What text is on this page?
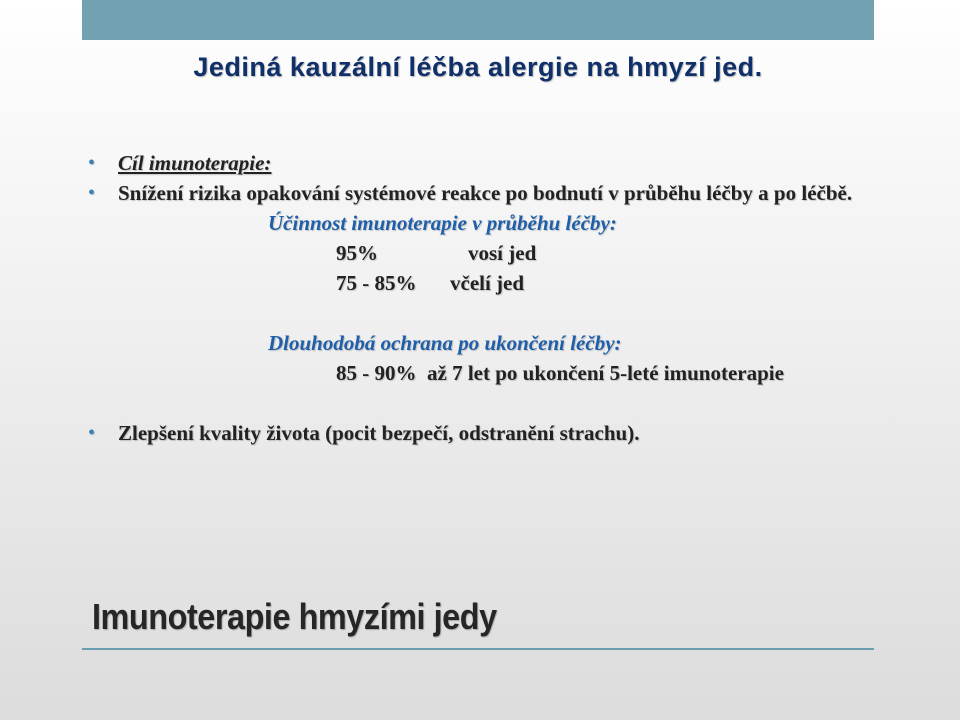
Jediná kauzální léčba alergie na hmyzí jed.
• Cíl imunoterapie:
• Snížení rizika opakování systémové reakce po bodnutí v průběhu léčby a po léčbě.
Účinnost imunoterapie v průběhu léčby:
95%	vosí jed
75 - 85% včelí jed
Dlouhodobá ochrana po ukončení léčby:
85 - 90% až 7 let po ukončení 5-leté imunoterapie
• Zlepšení kvality života (pocit bezpečí, odstranění strachu).
Imunoterapie hmyzími jedy
